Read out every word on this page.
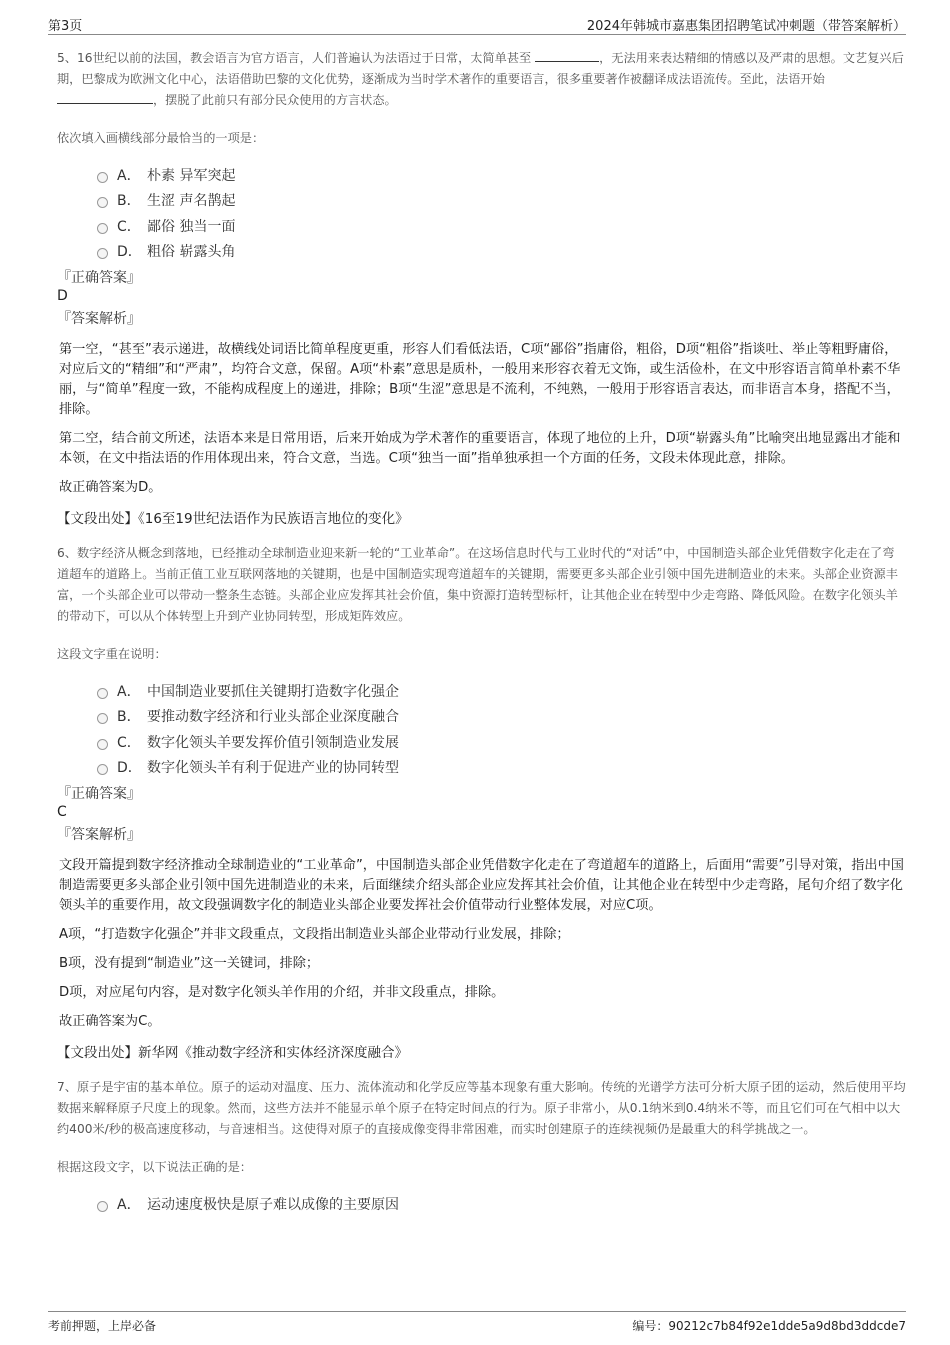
第3页	2024年韩城市嘉惠集团招聘笔试冲刺题（带答案解析）

5、16世纪以前的法国，教会语言为官方语言，人们普遍认为法语过于日常，太简单甚至	，无法用来表达精细的情感以及严肃的思想。文艺复兴后期，巴黎成为欧洲文化中心，法语借助巴黎的文化优势，逐渐成为当时学术著作的重要语言，很多重要著作被翻译成法语流传。至此，法语开始 ，摆脱了此前只有部分民众使用的方言状态。

依次填入画横线部分最恰当的一项是：

A． 朴素 异军突起
B． 生涩 声名鹊起
C． 鄙俗 独当一面
D． 粗俗 崭露头角

『正确答案』

D

『答案解析』

第一空，“甚至”表示递进，故横线处词语比简单程度更重，形容人们看低法语，C项“鄙俗”指庸俗，粗俗，D项“粗俗”指谈吐、举止等粗野庸俗，对应后文的“精细”和“严肃”，均符合文意，保留。A项“朴素”意思是质朴，一般用来形容衣着无文饰，或生活俭朴，在文中形容语言简单朴素不华丽，与“简单”程度一致，不能构成程度上的递进，排除；B项“生涩”意思是不流利，不纯熟，一般用于形容语言表达，而非语言本身，搭配不当，排除。

第二空，结合前文所述，法语本来是日常用语，后来开始成为学术著作的重要语言，体现了地位的上升，D项“崭露头角”比喻突出地显露出才能和本领，在文中指法语的作用体现出来，符合文意，当选。C项“独当一面”指单独承担一个方面的任务，文段未体现此意，排除。

故正确答案为D。

【文段出处】《16至19世纪法语作为民族语言地位的变化》

6、数字经济从概念到落地，已经推动全球制造业迎来新一轮的“工业革命”。在这场信息时代与工业时代的“对话”中，中国制造头部企业凭借数字化走在了弯道超车的道路上。当前正值工业互联网落地的关键期，也是中国制造实现弯道超车的关键期，需要更多头部企业引领中国先进制造业的未来。头部企业资源丰富，一个头部企业可以带动一整条生态链。头部企业应发挥其社会价值，集中资源打造转型标杆，让其他企业在转型中少走弯路、降低风险。在数字化领头羊的带动下，可以从个体转型上升到产业协同转型，形成矩阵效应。

这段文字重在说明：

A． 中国制造业要抓住关键期打造数字化强企
B． 要推动数字经济和行业头部企业深度融合
C． 数字化领头羊要发挥价值引领制造业发展
D． 数字化领头羊有利于促进产业的协同转型

『正确答案』

C

『答案解析』

文段开篇提到数字经济推动全球制造业的“工业革命”，中国制造头部企业凭借数字化走在了弯道超车的道路上，后面用“需要”引导对策，指出中国制造需要更多头部企业引领中国先进制造业的未来，后面继续介绍头部企业应发挥其社会价值，让其他企业在转型中少走弯路，尾句介绍了数字化领头羊的重要作用，故文段强调数字化的制造业头部企业要发挥社会价值带动行业整体发展，对应C项。

A项，“打造数字化强企”并非文段重点，文段指出制造业头部企业带动行业发展，排除；

B项，没有提到“制造业”这一关键词，排除；

D项，对应尾句内容，是对数字化领头羊作用的介绍，并非文段重点，排除。

故正确答案为C。

【文段出处】新华网《推动数字经济和实体经济深度融合》

7、原子是宇宙的基本单位。原子的运动对温度、压力、流体流动和化学反应等基本现象有重大影响。传统的光谱学方法可分析大原子团的运动，然后使用平均数据来解释原子尺度上的现象。然而，这些方法并不能显示单个原子在特定时间点的行为。原子非常小，从0.1纳米到0.4纳米不等，而且它们可在气相中以大约400米/秒的极高速度移动，与音速相当。这使得对原子的直接成像变得非常困难，而实时创建原子的连续视频仍是最重大的科学挑战之一。

根据这段文字，以下说法正确的是：

A． 运动速度极快是原子难以成像的主要原因
考前押题，上岸必备	编号：90212c7b84f92e1dde5a9d8bd3ddcde7
